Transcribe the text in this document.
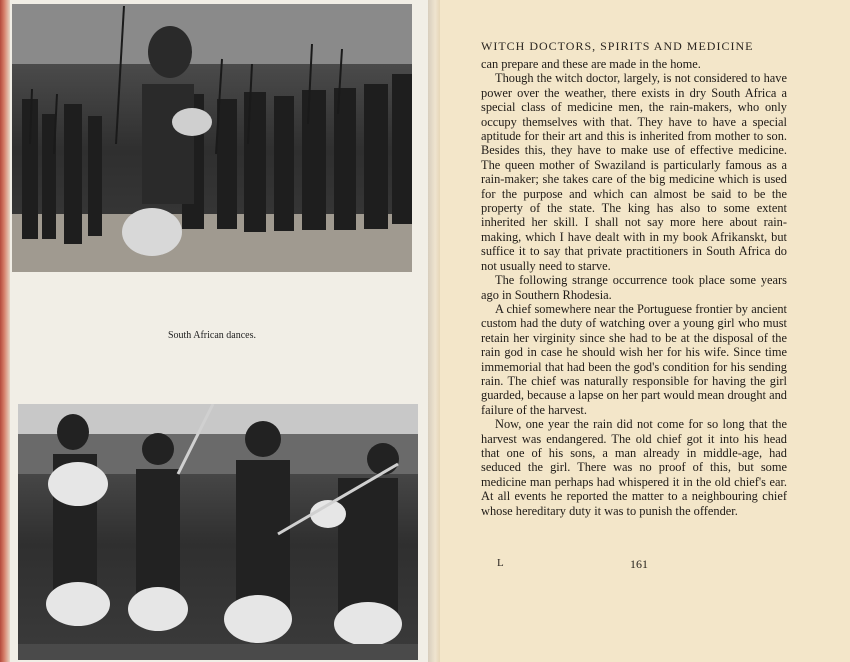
South African dances.
WITCH DOCTORS, SPIRITS AND MEDICINE

can prepare and these are made in the home.

Though the witch doctor, largely, is not considered to have power over the weather, there exists in dry South Africa a special class of medicine men, the rain-makers, who only occupy themselves with that. They have to have a special aptitude for their art and this is inherited from mother to son. Besides this, they have to make use of effective medicine. The queen mother of Swaziland is particularly famous as a rain-maker; she takes care of the big medicine which is used for the purpose and which can almost be said to be the property of the state. The king has also to some extent inherited her skill. I shall not say more here about rain-making, which I have dealt with in my book Afrikanskt, but suffice it to say that private practitioners in South Africa do not usually need to starve.

The following strange occurrence took place some years ago in Southern Rhodesia.

A chief somewhere near the Portuguese frontier by ancient custom had the duty of watching over a young girl who must retain her virginity since she had to be at the disposal of the rain god in case he should wish her for his wife. Since time immemorial that had been the god's condition for his sending rain. The chief was naturally responsible for having the girl guarded, because a lapse on her part would mean drought and failure of the harvest.

Now, one year the rain did not come for so long that the harvest was endangered. The old chief got it into his head that one of his sons, a man already in middle-age, had seduced the girl. There was no proof of this, but some medicine man perhaps had whispered it in the old chief's ear. At all events he reported the matter to a neighbouring chief whose hereditary duty it was to punish the offender.

L	161
